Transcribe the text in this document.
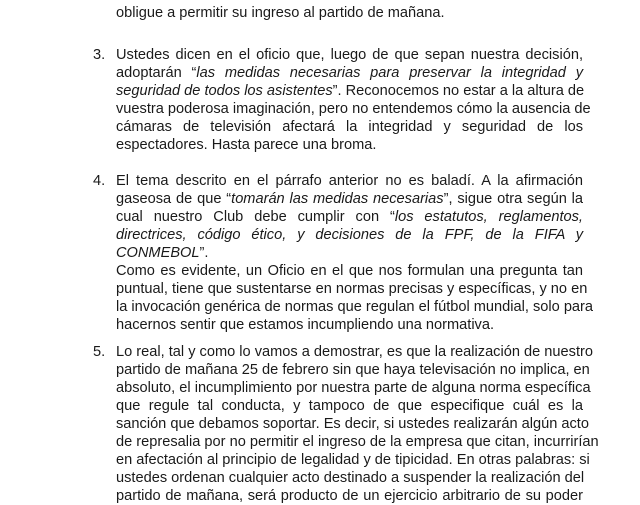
obligue a permitir su ingreso al partido de mañana.
3. Ustedes dicen en el oficio que, luego de que sepan nuestra decisión,
adoptarán “las medidas necesarias para preservar la integridad y
seguridad de todos los asistentes”. Reconocemos no estar a la altura de
vuestra poderosa imaginación, pero no entendemos cómo la ausencia de
cámaras de televisión afectará la integridad y seguridad de los
espectadores. Hasta parece una broma.
4. El tema descrito en el párrafo anterior no es baladí. A la afirmación
gaseosa de que “tomarán las medidas necesarias”, sigue otra según la
cual nuestro Club debe cumplir con “los estatutos, reglamentos,
directrices, código ético, y decisiones de la FPF, de la FIFA y
CONMEBOL”.
Como es evidente, un Oficio en el que nos formulan una pregunta tan
puntual, tiene que sustentarse en normas precisas y específicas, y no en
la invocación genérica de normas que regulan el fútbol mundial, solo para
hacernos sentir que estamos incumpliendo una normativa.
5. Lo real, tal y como lo vamos a demostrar, es que la realización de nuestro
partido de mañana 25 de febrero sin que haya televisación no implica, en
absoluto, el incumplimiento por nuestra parte de alguna norma específica
que regule tal conducta, y tampoco de que especifique cuál es la
sanción que debamos soportar. Es decir, si ustedes realizarán algún acto
de represalia por no permitir el ingreso de la empresa que citan, incurrirían
en afectación al principio de legalidad y de tipicidad. En otras palabras: si
ustedes ordenan cualquier acto destinado a suspender la realización del
partido de mañana, será producto de un ejercicio arbitrario de su poder
